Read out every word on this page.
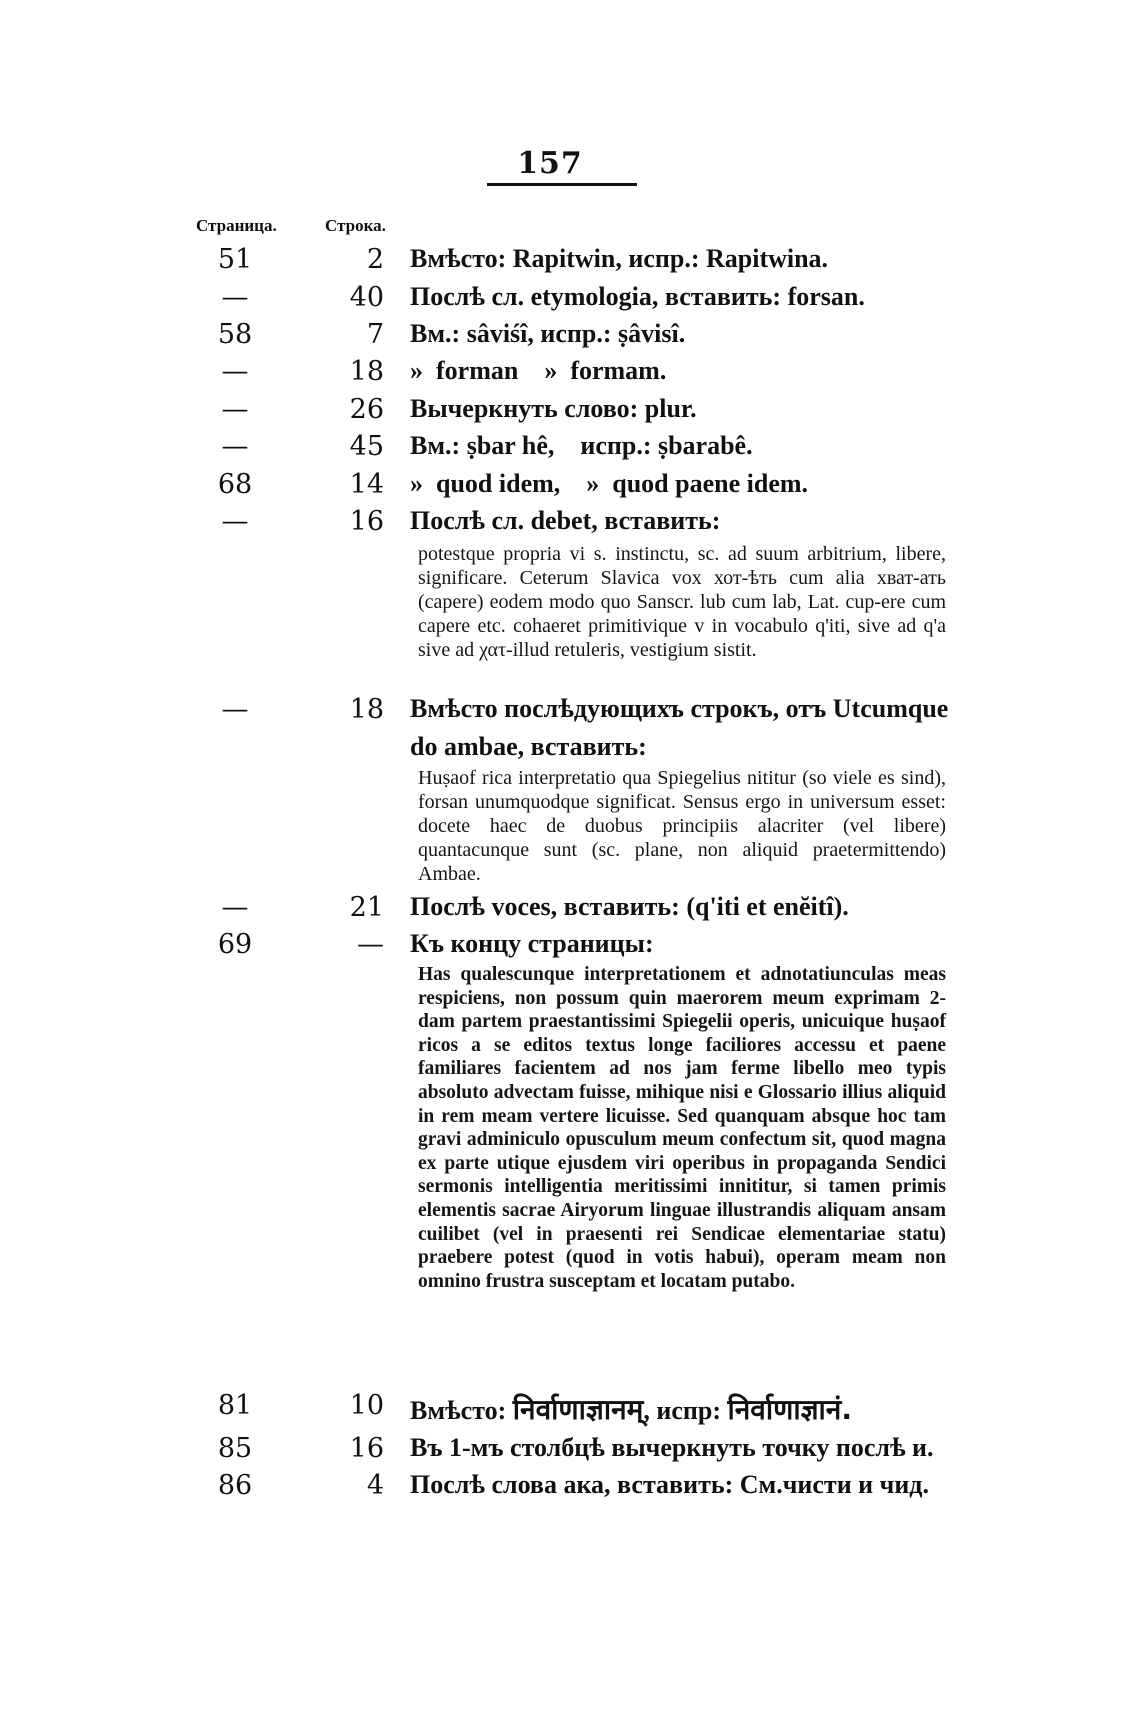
157
Страница.	Строка.
51	2 Вмѣсто: Rapitwin, испр.: Rapitwina.
—	40 Послѣ сл. etymologia, вставить: forsan.
58	7 Вм.: sâviśî, испр.: ṣâvisî.
—	18 »  forman    »  formam.
—	26 Вычеркнуть слово: plur.
—	45 Вм.: ṣbar hê,    испр.: ṣbarabê.
68	14 »  quod idem,    »  quod paene idem.
—	16 Послѣ сл. debet, вставить:
potestque propria vi s. instinctu, sc. ad suum arbitrium, libere, significare. Ceterum Slavica vox хот-ѣть cum alia хват-ать (capere) eodem modo quo Sanscr. lub cum lab, Lat. cup-ere cum capere etc. cohaeret primitivique v in vocabulo q'iti, sive ad q'a sive ad χατ-illud retuleris, vestigium sistit.
—	18 Вмѣсто послѣдующихъ строкъ, отъ Utcumque do ambae, вставить:
Huṣaof rica interpretatio qua Spiegelius nititur (so viele es sind), forsan unumquodque significat. Sensus ergo in universum esset: docete haec de duobus principiis alacriter (vel libere) quantacunque sunt (sc. plane, non aliquid praetermittendo) Ambae.
—	21 Послѣ voces, вставить: (q'iti et enĕitî).
69	— Къ концу страницы:
Has qualescunque interpretationem et adnotatiunculas meas respiciens, non possum quin maerorem meum exprimam 2-dam partem praestantissimi Spiegelii operis, unicuique huṣaof ricos a se editos textus longe faciliores accessu et paene familiares facientem ad nos jam ferme libello meo typis absoluto advectam fuisse, mihique nisi e Glossario illius aliquid in rem meam vertere licuisse. Sed quanquam absque hoc tam gravi adminiculo opusculum meum confectum sit, quod magna ex parte utique ejusdem viri operibus in propaganda Sendici sermonis intelligentia meritissimi innititur, si tamen primis elementis sacrae Airyorum linguae illustrandis aliquam ansam cuilibet (vel in praesenti rei Sendicae elementariae statu) praebere potest (quod in votis habui), operam meam non omnino frustra susceptam et locatam putabo.
81	10 Вмѣсто: निर्वाणाज्ञानम्, испр: निर्वाणाज्ञानं.
85	16 Въ 1-мъ столбцѣ вычеркнуть точку послѣ и.
86	4 Послѣ слова ака, вставить: См.чисти и чид.
